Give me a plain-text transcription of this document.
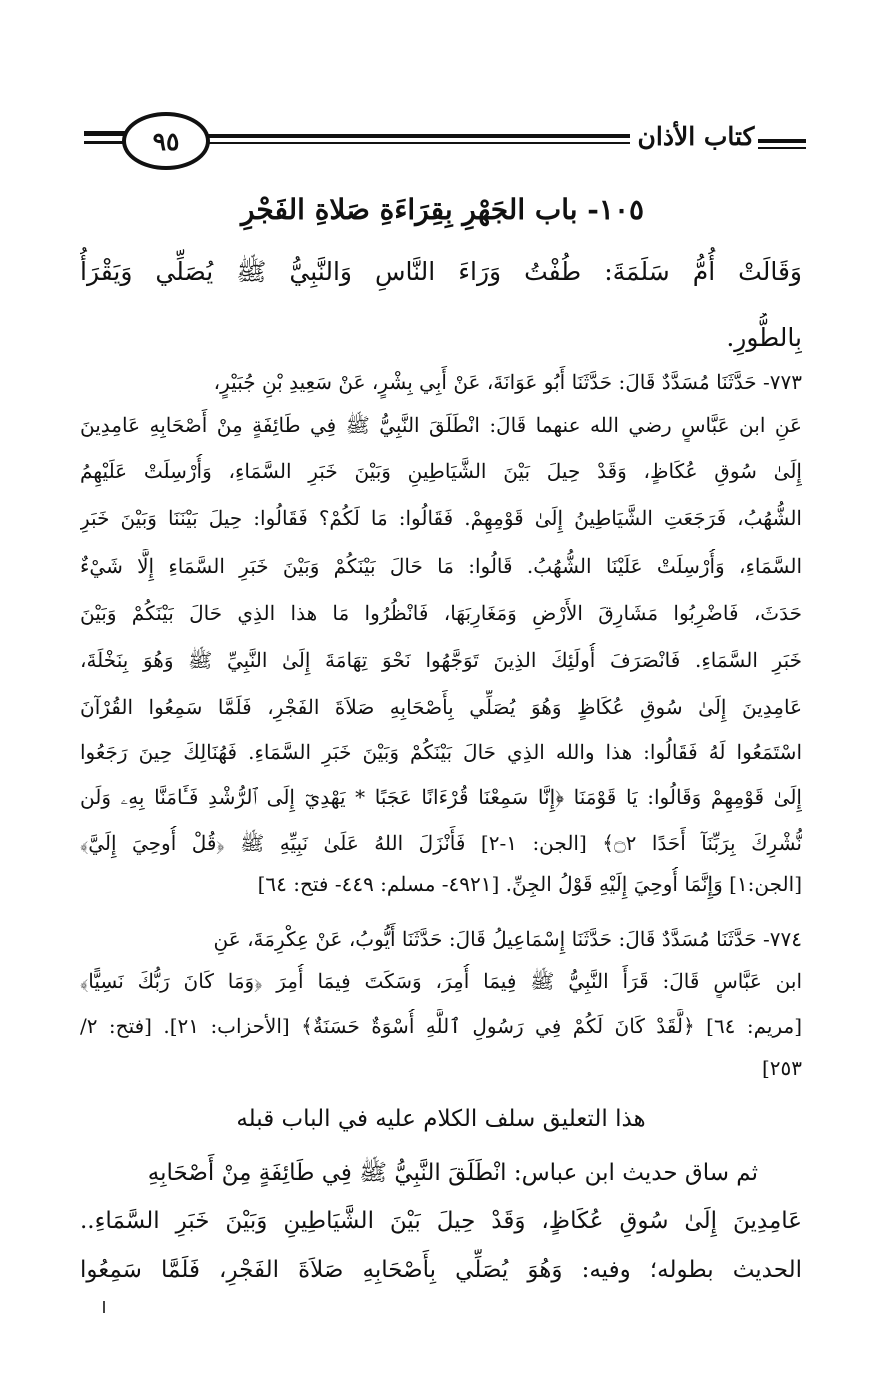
٩٥	كتاب الأذان
١٠٥- باب الجَهْرِ بِقِرَاءَةِ صَلاةِ الفَجْرِ
وَقَالَتْ أُمُّ سَلَمَةَ: طُفْتُ وَرَاءَ النَّاسِ وَالنَّبِيُّ ﷺ يُصَلِّي وَيَقْرَأُ
بِالطُّورِ.
٧٧٣- حَدَّثَنَا مُسَدَّدٌ قَالَ: حَدَّثَنَا أَبُو عَوَانَةَ، عَنْ أَبِي بِشْرٍ، عَنْ سَعِيدِ بْنِ جُبَيْرٍ،
عَنِ ابن عَبَّاسٍ رضي الله عنهما قَالَ: انْطَلَقَ النَّبِيُّ ﷺ فِي طَائِفَةٍ مِنْ أَصْحَابِهِ عَامِدِينَ
إِلَىٰ سُوقِ عُكَاظٍ، وَقَدْ حِيلَ بَيْنَ الشَّيَاطِينِ وَبَيْنَ خَبَرِ السَّمَاءِ، وَأُرْسِلَتْ عَلَيْهِمُ
الشُّهُبُ، فَرَجَعَتِ الشَّيَاطِينُ إِلَىٰ قَوْمِهِمْ. فَقَالُوا: مَا لَكُمْ؟ فَقَالُوا: حِيلَ بَيْنَنَا وَبَيْنَ خَبَرِ
السَّمَاءِ، وَأُرْسِلَتْ عَلَيْنَا الشُّهُبُ. قَالُوا: مَا حَالَ بَيْنَكُمْ وَبَيْنَ خَبَرِ السَّمَاءِ إِلَّا شَيْءٌ
حَدَثَ، فَاضْرِبُوا مَشَارِقَ الأَرْضِ وَمَغَارِبَهَا، فَانْظُرُوا مَا هذا الذِي حَالَ بَيْنَكُمْ وَبَيْنَ
خَبَرِ السَّمَاءِ. فَانْصَرَفَ أُولَئِكَ الذِينَ تَوَجَّهُوا نَحْوَ تِهَامَةَ إِلَىٰ النَّبِيِّ ﷺ وَهُوَ بِنَخْلَةَ،
عَامِدِينَ إِلَىٰ سُوقِ عُكَاظٍ وَهُوَ يُصَلِّي بِأَصْحَابِهِ صَلاَةَ الفَجْرِ، فَلَمَّا سَمِعُوا القُرْآنَ
اسْتَمَعُوا لَهُ فَقَالُوا: هذا والله الذِي حَالَ بَيْنَكُمْ وَبَيْنَ خَبَرِ السَّمَاءِ. فَهُنَالِكَ حِينَ رَجَعُوا
إِلَىٰ قَوْمِهِمْ وَقَالُوا: يَا قَوْمَنَا ﴿إِنَّا سَمِعْنَا قُرْءَانًا عَجَبًا * يَهْدِيٓ إِلَى ٱلرُّشْدِ فَـَٔامَنَّا بِهِۦ وَلَن
نُّشْرِكَ بِرَبِّنَآ أَحَدًا ۝٢﴾ [الجن: ١-٢] فَأَنْزَلَ اللهُ عَلَىٰ نَبِيِّهِ ﷺ ﴿قُلْ أُوحِيَ إِلَيَّ﴾
[الجن:١] وَإِنَّمَا أُوحِيَ إِلَيْهِ قَوْلُ الجِنِّ. [٤٩٢١- مسلم: ٤٤٩- فتح: ٦٤]
٧٧٤- حَدَّثَنَا مُسَدَّدٌ قَالَ: حَدَّثَنَا إِسْمَاعِيلُ قَالَ: حَدَّثَنَا أَيُّوبُ، عَنْ عِكْرِمَةَ، عَنِ
ابن عَبَّاسٍ قَالَ: قَرَأَ النَّبِيُّ ﷺ فِيمَا أُمِرَ، وَسَكَتَ فِيمَا أُمِرَ ﴿وَمَا كَانَ رَبُّكَ نَسِيًّا﴾
[مريم: ٦٤] ﴿لَّقَدْ كَانَ لَكُمْ فِي رَسُولِ ٱللَّهِ أُسْوَةٌ حَسَنَةٌ﴾ [الأحزاب: ٢١]. [فتح: ٢/
٢٥٣]
هذا التعليق سلف الكلام عليه في الباب قبله
ثم ساق حديث ابن عباس: انْطَلَقَ النَّبِيُّ ﷺ فِي طَائِفَةٍ مِنْ أَصْحَابِهِ
عَامِدِينَ إِلَىٰ سُوقِ عُكَاظٍ، وَقَدْ حِيلَ بَيْنَ الشَّيَاطِينِ وَبَيْنَ خَبَرِ السَّمَاءِ..
الحديث بطوله؛ وفيه: وَهُوَ يُصَلِّي بِأَصْحَابِهِ صَلاَةَ الفَجْرِ، فَلَمَّا سَمِعُوا
